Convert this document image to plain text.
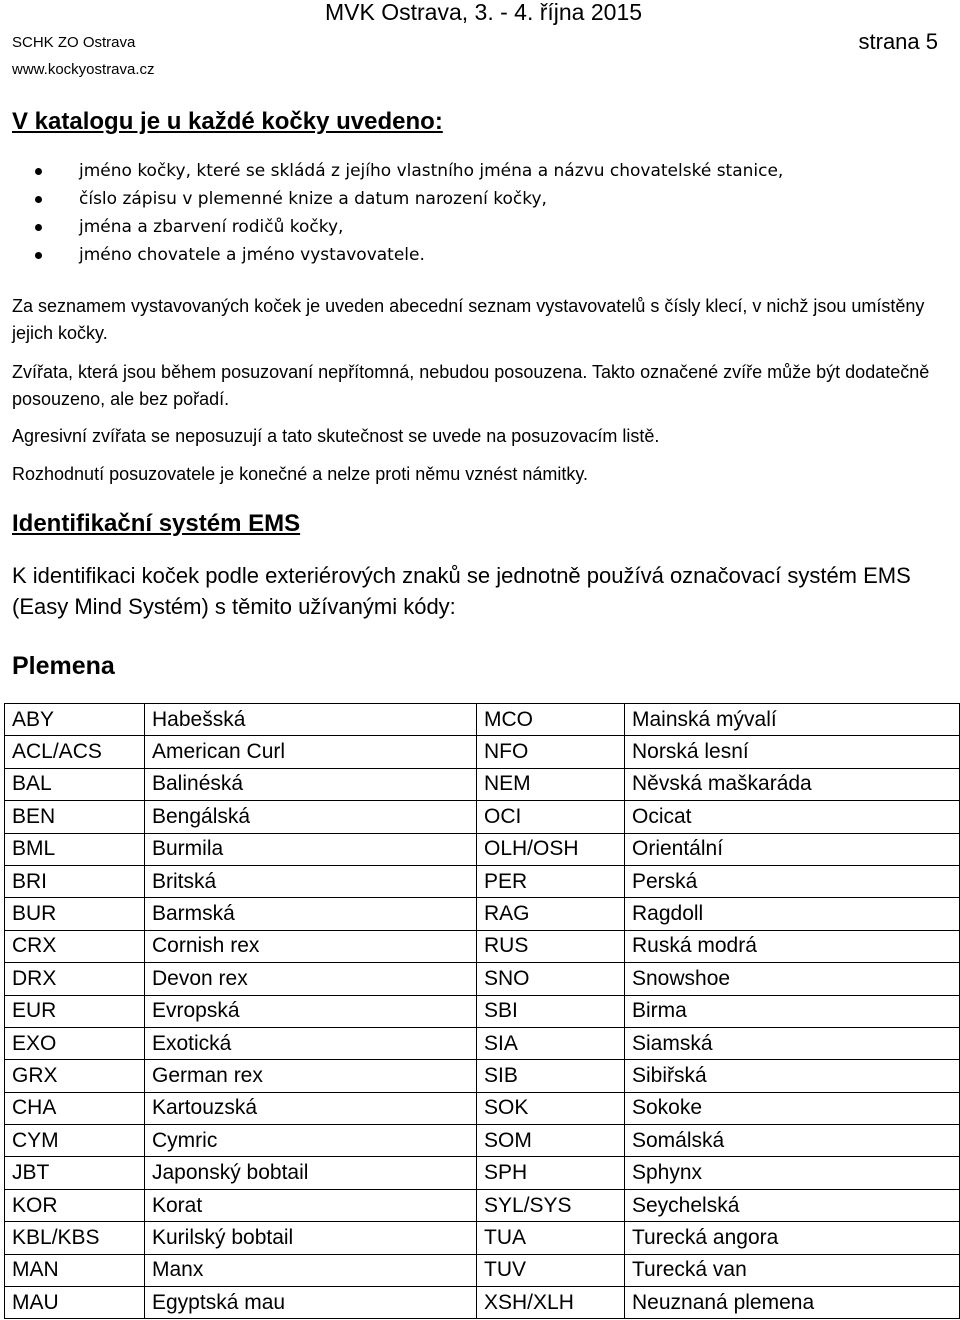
MVK Ostrava, 3. - 4. října 2015
SCHK ZO Ostrava
www.kockyostrava.cz
strana 5
V katalogu je u každé kočky uvedeno:
jméno kočky, které se skládá z jejího vlastního jména a názvu chovatelské stanice,
číslo zápisu v plemenné knize a datum narození kočky,
jména a zbarvení rodičů kočky,
jméno chovatele a jméno vystavovatele.

Za seznamem vystavovaných koček je uveden abecední seznam vystavovatelů s čísly klecí, v nichž jsou umístěny jejich kočky.

Zvířata, která jsou během posuzovaní nepřítomná, nebudou posouzena. Takto označené zvíře může být dodatečně posouzeno, ale bez pořadí.

Agresivní zvířata se neposuzují a tato skutečnost se uvede na posuzovacím listě.

Rozhodnutí posuzovatele je konečné a nelze proti němu vznést námitky.

Identifikační systém EMS

K identifikaci koček podle exteriérových znaků se jednotně používá označovací systém EMS (Easy Mind Systém) s těmito užívanými kódy:

Plemena
ABY	Habešská	MCO	Mainská mývalí
ACL/ACS	American Curl	NFO	Norská lesní
BAL	Balinéská	NEM	Něvská maškaráda
BEN	Bengálská	OCI	Ocicat
BML	Burmila	OLH/OSH	Orientální
BRI	Britská	PER	Perská
BUR	Barmská	RAG	Ragdoll
CRX	Cornish rex	RUS	Ruská modrá
DRX	Devon rex	SNO	Snowshoe
EUR	Evropská	SBI	Birma
EXO	Exotická	SIA	Siamská
GRX	German rex	SIB	Sibiřská
CHA	Kartouzská	SOK	Sokoke
CYM	Cymric	SOM	Somálská
JBT	Japonský bobtail	SPH	Sphynx
KOR	Korat	SYL/SYS	Seychelská
KBL/KBS	Kurilský bobtail	TUA	Turecká angora
MAN	Manx	TUV	Turecká van
MAU	Egyptská mau	XSH/XLH	Neuznaná plemena
